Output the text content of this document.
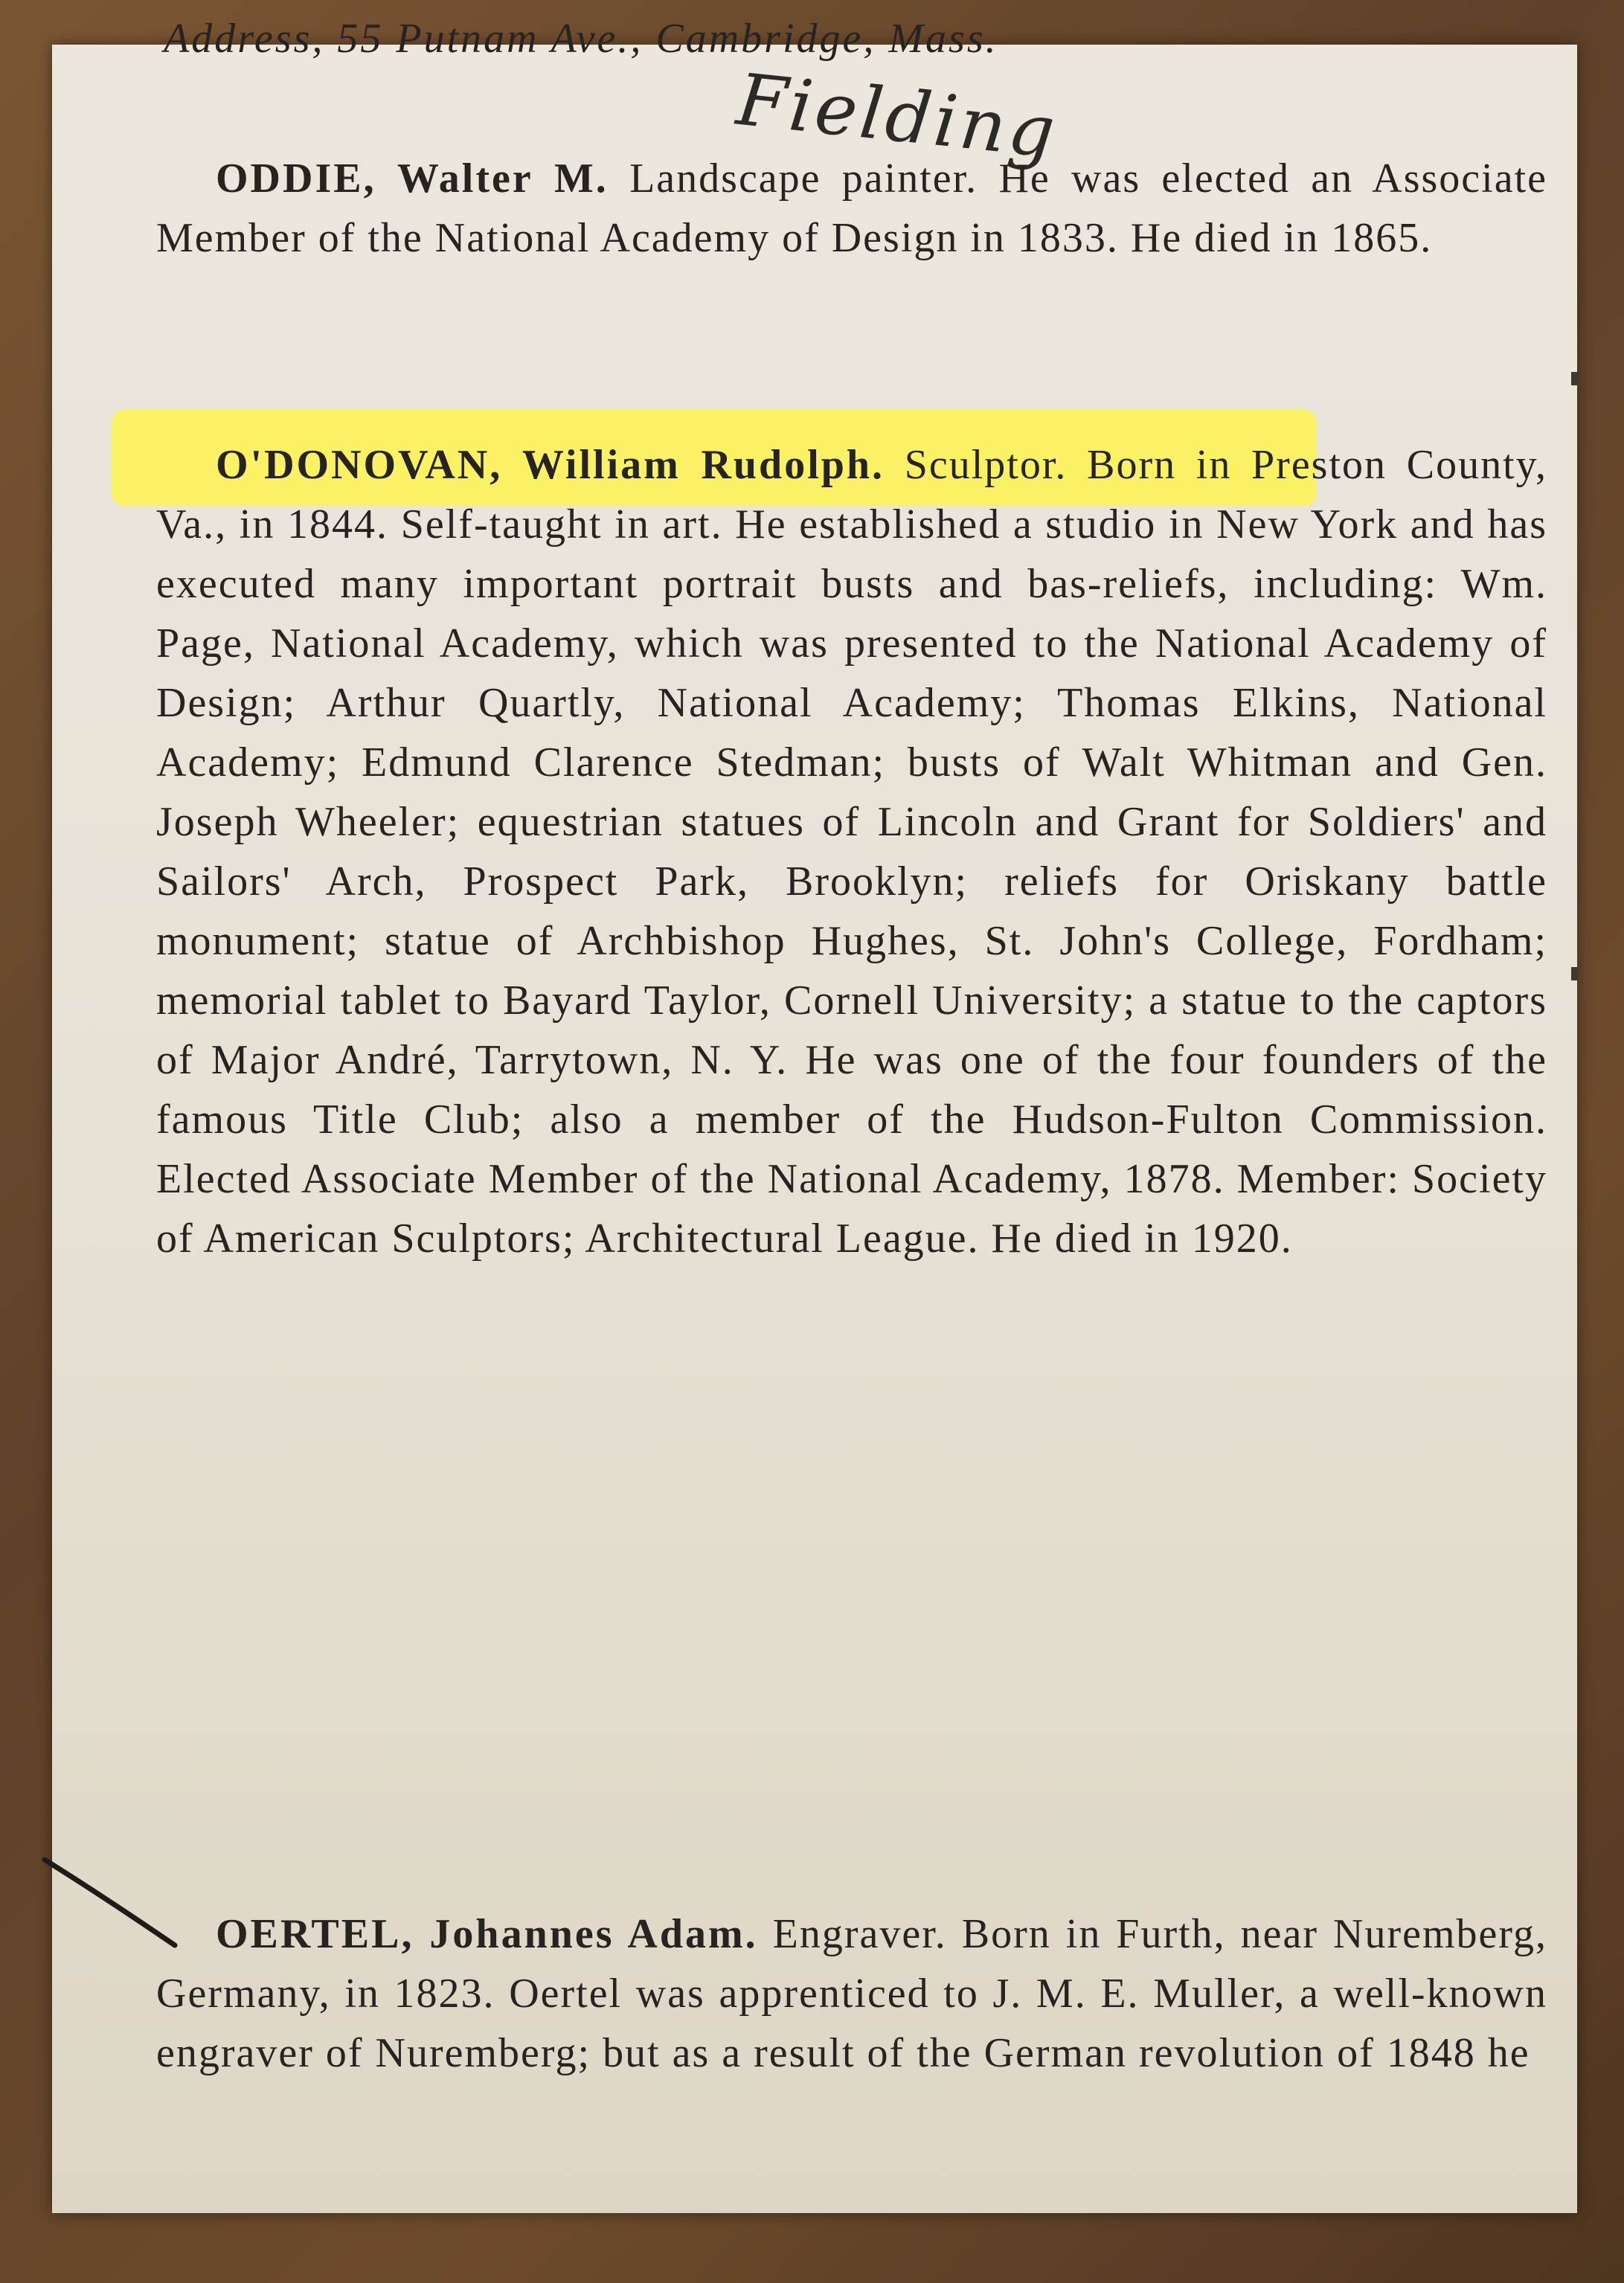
Address, 55 Putnam Ave., Cambridge, Mass.
Fielding

ODDIE, Walter M. Landscape painter. He was elected an Associate Member of the National Academy of Design in 1833. He died in 1865.

O'DONOVAN, William Rudolph. Sculptor. Born in Preston County, Va., in 1844. Self-taught in art. He established a studio in New York and has executed many important portrait busts and bas-reliefs, including: Wm. Page, National Academy, which was presented to the National Academy of Design; Arthur Quartly, National Academy; Thomas Elkins, National Academy; Edmund Clarence Stedman; busts of Walt Whitman and Gen. Joseph Wheeler; equestrian statues of Lincoln and Grant for Soldiers' and Sailors' Arch, Prospect Park, Brooklyn; reliefs for Oriskany battle monument; statue of Archbishop Hughes, St. John's College, Fordham; memorial tablet to Bayard Taylor, Cornell University; a statue to the captors of Major André, Tarrytown, N. Y. He was one of the four founders of the famous Title Club; also a member of the Hudson-Fulton Commission. Elected Associate Member of the National Academy, 1878. Member: Society of American Sculptors; Architectural League. He died in 1920.

OERTEL, Johannes Adam. Engraver. Born in Furth, near Nuremberg, Germany, in 1823. Oertel was apprenticed to J. M. E. Muller, a well-known engraver of Nuremberg; but as a result of the German revolution of 1848 he
